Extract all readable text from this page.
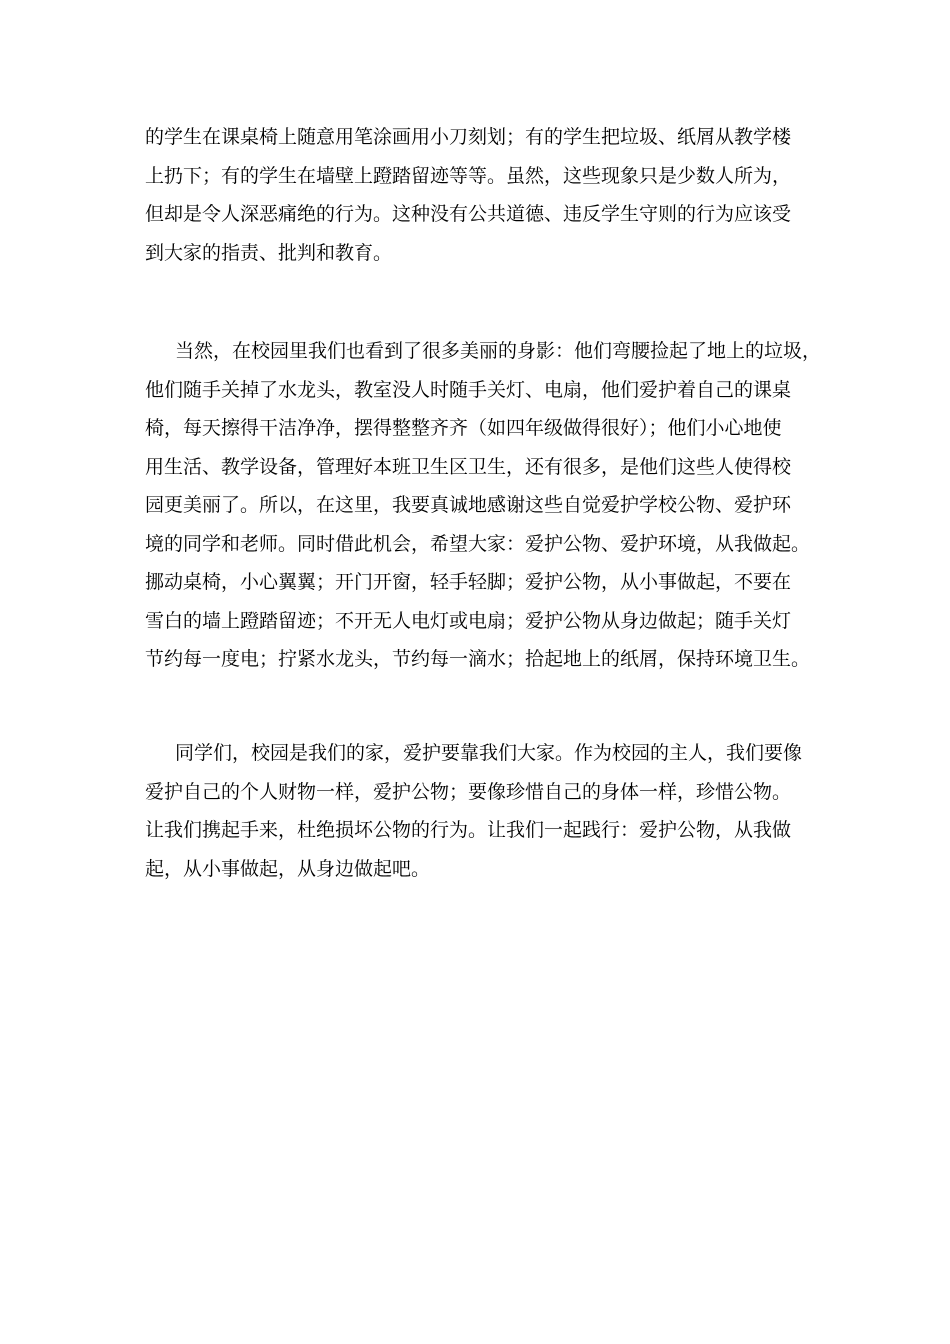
的学生在课桌椅上随意用笔涂画用小刀刻划；有的学生把垃圾、纸屑从教学楼
上扔下；有的学生在墙壁上蹬踏留迹等等。虽然，这些现象只是少数人所为，
但却是令人深恶痛绝的行为。这种没有公共道德、违反学生守则的行为应该受
到大家的指责、批判和教育。
当然，在校园里我们也看到了很多美丽的身影：他们弯腰捡起了地上的垃圾，
他们随手关掉了水龙头，教室没人时随手关灯、电扇，他们爱护着自己的课桌
椅，每天擦得干洁净净，摆得整整齐齐（如四年级做得很好）；他们小心地使
用生活、教学设备，管理好本班卫生区卫生，还有很多，是他们这些人使得校
园更美丽了。所以，在这里，我要真诚地感谢这些自觉爱护学校公物、爱护环
境的同学和老师。同时借此机会，希望大家：爱护公物、爱护环境，从我做起。
挪动桌椅，小心翼翼；开门开窗，轻手轻脚；爱护公物，从小事做起，不要在
雪白的墙上蹬踏留迹；不开无人电灯或电扇；爱护公物从身边做起；随手关灯
节约每一度电；拧紧水龙头，节约每一滴水；拾起地上的纸屑，保持环境卫生。
同学们，校园是我们的家，爱护要靠我们大家。作为校园的主人，我们要像
爱护自己的个人财物一样，爱护公物；要像珍惜自己的身体一样，珍惜公物。
让我们携起手来，杜绝损坏公物的行为。让我们一起践行：爱护公物，从我做
起，从小事做起，从身边做起吧。
